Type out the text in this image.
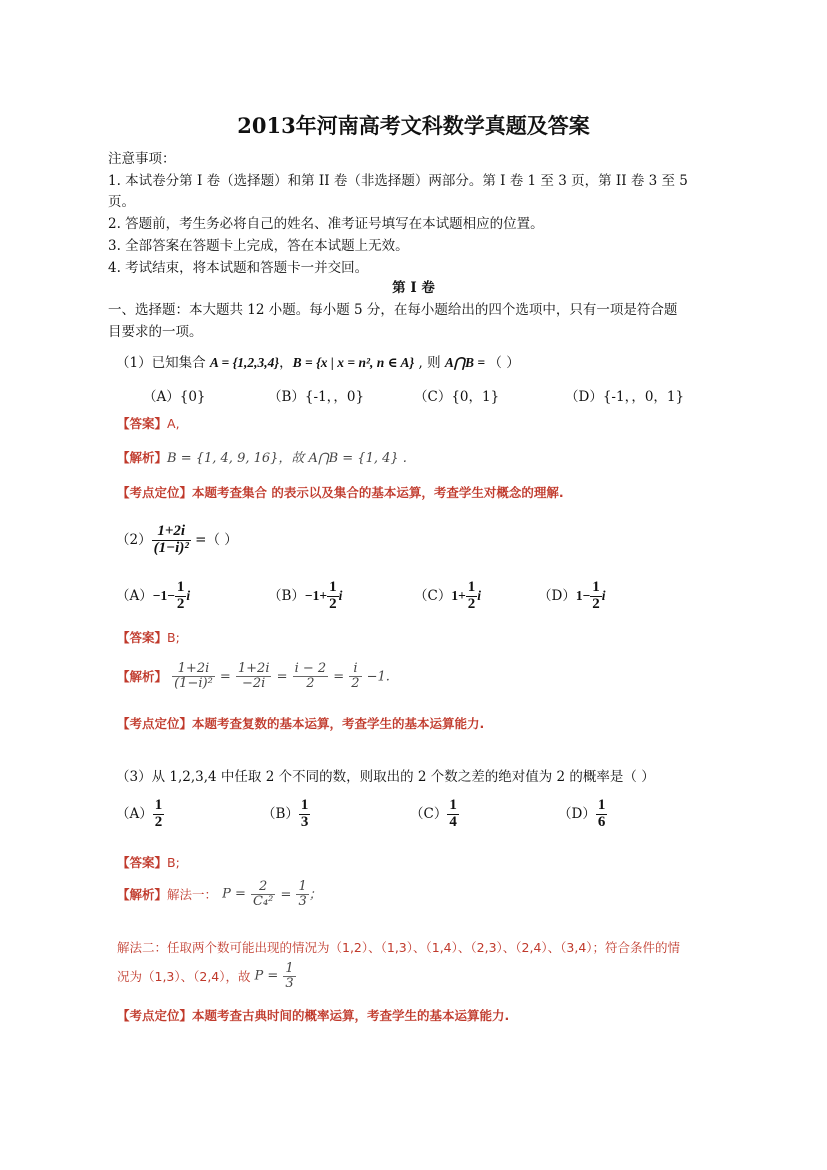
2013年河南高考文科数学真题及答案
注意事项：
1. 本试卷分第 I 卷（选择题）和第 II 卷（非选择题）两部分。第 I 卷 1 至 3 页，第 II 卷 3 至 5
页。
2. 答题前，考生务必将自己的姓名、准考证号填写在本试题相应的位置。
3. 全部答案在答题卡上完成，答在本试题上无效。
4. 考试结束，将本试题和答题卡一并交回。
第 I 卷
一、选择题：本大题共 12 小题。每小题 5 分，在每小题给出的四个选项中，只有一项是符合题
目要求的一项。
（1）已知集合 A = {1,2,3,4}，B = {x | x = n², n ∈ A} , 则 A⋂B = （ ）
（A）{0}	（B）{-1，，0}	（C）{0，1}	（D）{-1，，0，1}
【答案】A,
【解析】B = {1, 4, 9, 16}，故 A⋂B = {1, 4} .
【考点定位】本题考查集合 的表示以及集合的基本运算，考查学生对概念的理解.
$(2) \frac{1+2i}{\text{(1−i)²}}$ =（ ）
$(A)-1- \frac{1}{2}$ i	$(B)-1+ \frac{1}{2}$ i	$(C)1+ \frac{1}{2}$ i	$(D)1- \frac{1}{2}$ i
【答案】B;
【解析】 $\frac{1+2i}{\text{(1−i)²}} = \frac{1+2i}{-2i} = \frac{i - 2}{2} = \frac{i}{2} -1$.
【考点定位】本题考查复数的基本运算，考查学生的基本运算能力.
（3）从 1,2,3,4 中任取 2 个不同的数，则取出的 2 个数之差的绝对值为 2 的概率是（ ）
$(A) \frac{1}{2}$	$(B) \frac{1}{3}$	$(C) \frac{1}{4}$	$(D) \frac{1}{6}$
【答案】B;
【解析】解法一： $P = \frac{2}{\text{C₄²}} = \frac{1}{3}$ ；
解法二：任取两个数可能出现的情况为（1,2）、（1,3）、（1,4）、（2,3）、（2,4）、（3,4）；符合条件的情
况为（1,3）、（2,4），故 $P = \frac{1}{3}$
【考点定位】本题考查古典时间的概率运算，考查学生的基本运算能力.
